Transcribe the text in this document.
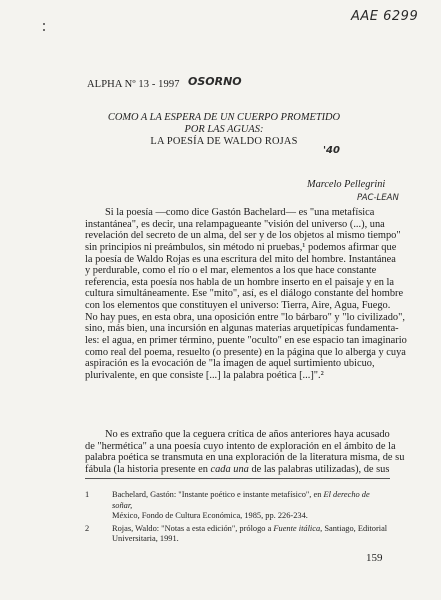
AAE 6299
ALPHA Nº 13 - 1997 OSORNO
COMO A LA ESPERA DE UN CUERPO PROMETIDO
POR LAS AGUAS:
LA POESÍA DE WALDO ROJAS
'40
Marcelo Pellegrini
PAC-LEAN
Si la poesía —como dice Gastón Bachelard— es "una metafísica
instantánea", es decir, una relampagueante "visión del universo (...), una
revelación del secreto de un alma, del ser y de los objetos al mismo tiempo"
sin principios ni preámbulos, sin método ni pruebas,¹ podemos afirmar que
la poesía de Waldo Rojas es una escritura del mito del hombre. Instantánea
y perdurable, como el río o el mar, elementos a los que hace constante
referencia, esta poesía nos habla de un hombre inserto en el paisaje y en la
cultura simultáneamente. Ese "mito", así, es el diálogo constante del hombre
con los elementos que constituyen el universo: Tierra, Aire, Agua, Fuego.
No hay pues, en esta obra, una oposición entre "lo bárbaro" y "lo civilizado",
sino, más bien, una incursión en algunas materias arquetípicas fundamenta-
les: el agua, en primer término, puente "oculto" en ese espacio tan imaginario
como real del poema, resuelto (o presente) en la página que lo alberga y cuya
aspiración es la evocación de "la imagen de aquel surtimiento ubicuo,
plurivalente, en que consiste [...] la palabra poética [...]".²
No es extraño que la ceguera crítica de años anteriores haya acusado
de "hermética" a una poesía cuyo intento de exploración en el ámbito de la
palabra poética se transmuta en una exploración de la literatura misma, de su
fábula (la historia presente en cada una de las palabras utilizadas), de sus
1	Bachelard, Gastón: "Instante poético e instante metafísico", en El derecho de soñar,
México, Fondo de Cultura Económica, 1985, pp. 226-234.
2	Rojas, Waldo: "Notas a esta edición", prólogo a Fuente itálica, Santiago, Editorial
Universitaria, 1991.
159
